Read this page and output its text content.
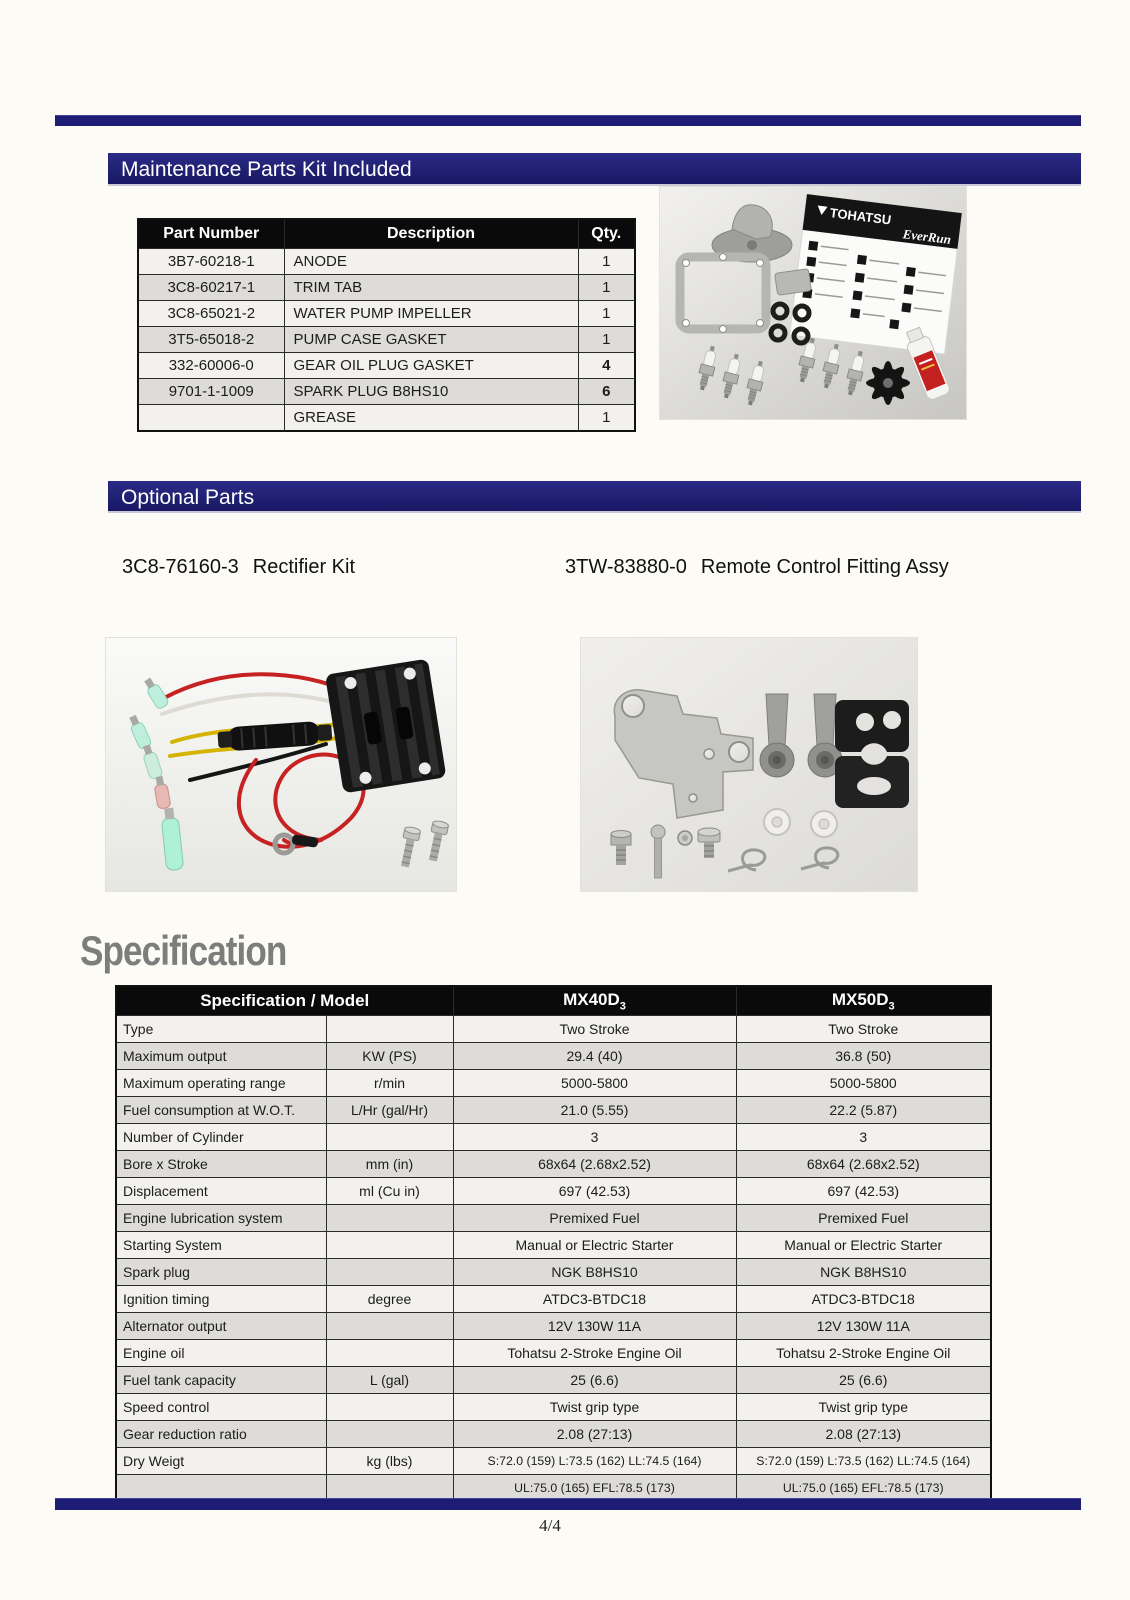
Maintenance Parts Kit Included
Part Number	Description	Qty.
3B7-60218-1	ANODE	1
3C8-60217-1	TRIM TAB	1
3C8-65021-2	WATER PUMP IMPELLER	1
3T5-65018-2	PUMP CASE GASKET	1
332-60006-0	GEAR OIL PLUG GASKET	4
9701-1-1009	SPARK PLUG B8HS10	6
	GREASE	1
TOHATSU
EverRun
Optional Parts
3C8-76160-3 Rectifier Kit	3TW-83880-0 Remote Control Fitting Assy
Specification
Specification / Model		$MX40D_3$	$MX50D_3$
Type		Two Stroke	Two Stroke
Maximum output	KW (PS)	29.4 (40)	36.8 (50)
Maximum operating range	r/min	5000-5800	5000-5800
Fuel consumption at W.O.T.	L/Hr (gal/Hr)	21.0 (5.55)	22.2 (5.87)
Number of Cylinder		3	3
Bore x Stroke	mm (in)	68x64 (2.68x2.52)	68x64 (2.68x2.52)
Displacement	ml (Cu in)	697 (42.53)	697 (42.53)
Engine lubrication system		Premixed Fuel	Premixed Fuel
Starting System		Manual or Electric Starter	Manual or Electric Starter
Spark plug		NGK B8HS10	NGK B8HS10
Ignition timing	degree	ATDC3-BTDC18	ATDC3-BTDC18
Alternator output		12V 130W 11A	12V 130W 11A
Engine oil		Tohatsu 2-Stroke Engine Oil	Tohatsu 2-Stroke Engine Oil
Fuel tank capacity	L (gal)	25 (6.6)	25 (6.6)
Speed control		Twist grip type	Twist grip type
Gear reduction ratio		2.08 (27:13)	2.08 (27:13)
Dry Weigt	kg (lbs)	S:72.0 (159) L:73.5 (162) LL:74.5 (164)	S:72.0 (159) L:73.5 (162) LL:74.5 (164)
		UL:75.0 (165) EFL:78.5 (173)	UL:75.0 (165) EFL:78.5 (173)
4/4
